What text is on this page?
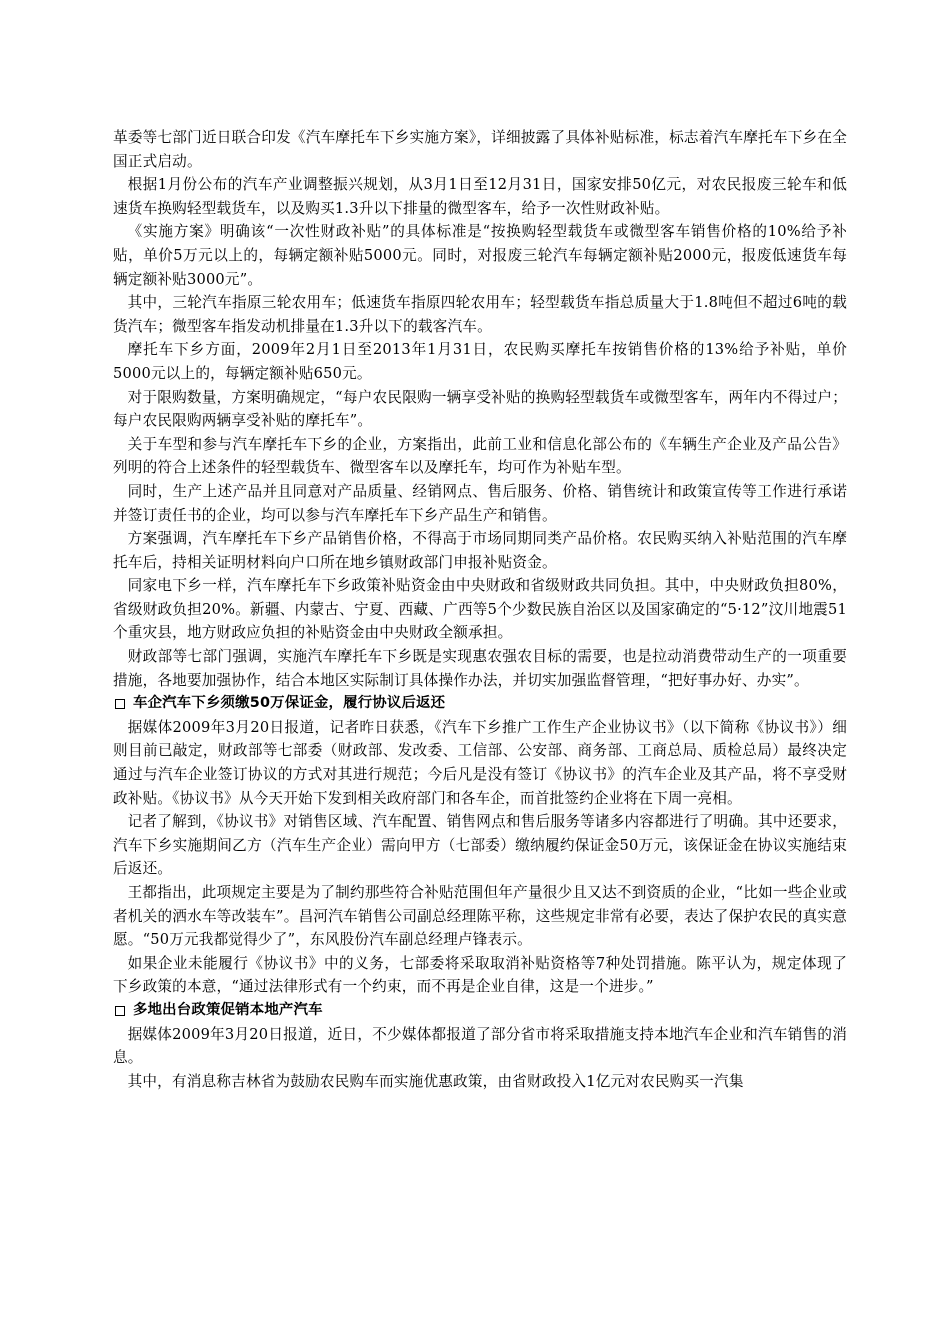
革委等七部门近日联合印发《汽车摩托车下乡实施方案》，详细披露了具体补贴标准，标志着汽车摩托车下乡在全国正式启动。

根据1月份公布的汽车产业调整振兴规划，从3月1日至12月31日，国家安排50亿元，对农民报废三轮车和低速货车换购轻型载货车，以及购买1.3升以下排量的微型客车，给予一次性财政补贴。

《实施方案》明确该“一次性财政补贴”的具体标准是“按换购轻型载货车或微型客车销售价格的10%给予补贴，单价5万元以上的，每辆定额补贴5000元。同时，对报废三轮汽车每辆定额补贴2000元，报废低速货车每辆定额补贴3000元”。

其中，三轮汽车指原三轮农用车；低速货车指原四轮农用车；轻型载货车指总质量大于1.8吨但不超过6吨的载货汽车；微型客车指发动机排量在1.3升以下的载客汽车。

摩托车下乡方面，2009年2月1日至2013年1月31日，农民购买摩托车按销售价格的13%给予补贴，单价5000元以上的，每辆定额补贴650元。

对于限购数量，方案明确规定，“每户农民限购一辆享受补贴的换购轻型载货车或微型客车，两年内不得过户；每户农民限购两辆享受补贴的摩托车”。

关于车型和参与汽车摩托车下乡的企业，方案指出，此前工业和信息化部公布的《车辆生产企业及产品公告》列明的符合上述条件的轻型载货车、微型客车以及摩托车，均可作为补贴车型。

同时，生产上述产品并且同意对产品质量、经销网点、售后服务、价格、销售统计和政策宣传等工作进行承诺并签订责任书的企业，均可以参与汽车摩托车下乡产品生产和销售。

方案强调，汽车摩托车下乡产品销售价格，不得高于市场同期同类产品价格。农民购买纳入补贴范围的汽车摩托车后，持相关证明材料向户口所在地乡镇财政部门申报补贴资金。

同家电下乡一样，汽车摩托车下乡政策补贴资金由中央财政和省级财政共同负担。其中，中央财政负担80%，省级财政负担20%。新疆、内蒙古、宁夏、西藏、广西等5个少数民族自治区以及国家确定的“5·12”汶川地震51个重灾县，地方财政应负担的补贴资金由中央财政全额承担。

财政部等七部门强调，实施汽车摩托车下乡既是实现惠农强农目标的需要，也是拉动消费带动生产的一项重要措施，各地要加强协作，结合本地区实际制订具体操作办法，并切实加强监督管理，“把好事办好、办实”。

车企汽车下乡须缴50万保证金，履行协议后返还

据媒体2009年3月20日报道，记者昨日获悉，《汽车下乡推广工作生产企业协议书》（以下简称《协议书》）细则目前已敲定，财政部等七部委（财政部、发改委、工信部、公安部、商务部、工商总局、质检总局）最终决定通过与汽车企业签订协议的方式对其进行规范；今后凡是没有签订《协议书》的汽车企业及其产品，将不享受财政补贴。《协议书》从今天开始下发到相关政府部门和各车企，而首批签约企业将在下周一亮相。

记者了解到，《协议书》对销售区域、汽车配置、销售网点和售后服务等诸多内容都进行了明确。其中还要求，汽车下乡实施期间乙方（汽车生产企业）需向甲方（七部委）缴纳履约保证金50万元，该保证金在协议实施结束后返还。

王都指出，此项规定主要是为了制约那些符合补贴范围但年产量很少且又达不到资质的企业，“比如一些企业或者机关的洒水车等改装车”。昌河汽车销售公司副总经理陈平称，这些规定非常有必要，表达了保护农民的真实意愿。“50万元我都觉得少了”，东风股份汽车副总经理卢锋表示。

如果企业未能履行《协议书》中的义务，七部委将采取取消补贴资格等7种处罚措施。陈平认为，规定体现了下乡政策的本意，“通过法律形式有一个约束，而不再是企业自律，这是一个进步。”

多地出台政策促销本地产汽车

据媒体2009年3月20日报道，近日，不少媒体都报道了部分省市将采取措施支持本地汽车企业和汽车销售的消息。

其中，有消息称吉林省为鼓励农民购车而实施优惠政策，由省财政投入1亿元对农民购买一汽集
